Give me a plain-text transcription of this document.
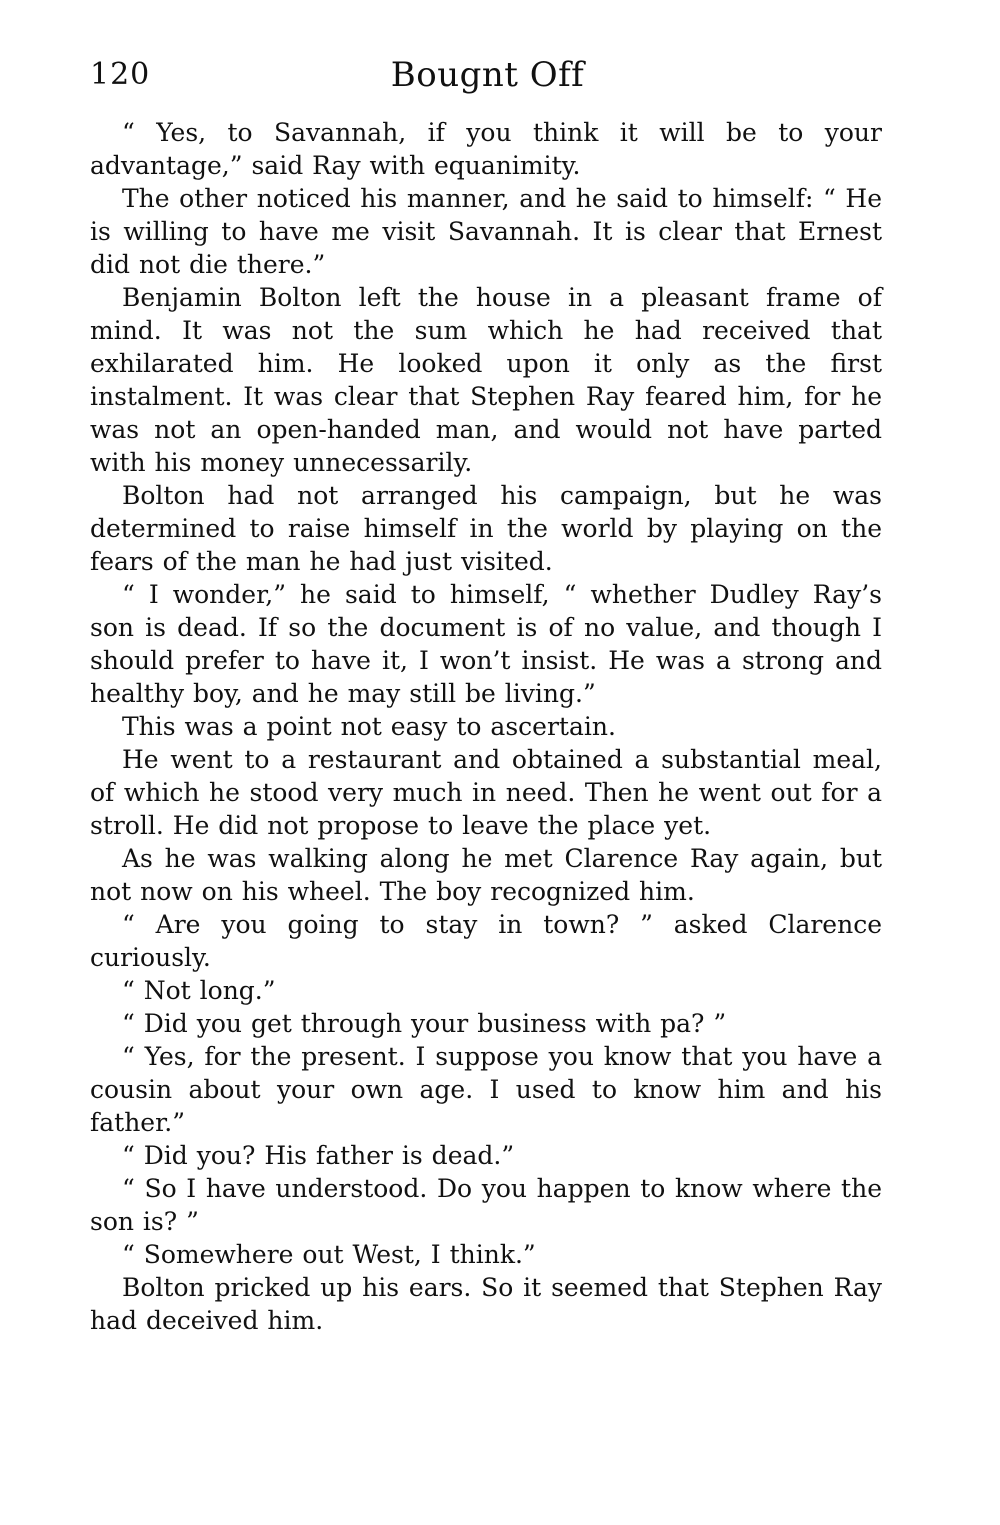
120	Bougnt Off

“ Yes, to Savannah, if you think it will be to your advantage,” said Ray with equanimity.

The other noticed his manner, and he said to himself: “ He is willing to have me visit Savannah. It is clear that Ernest did not die there.”

Benjamin Bolton left the house in a pleasant frame of mind. It was not the sum which he had received that exhilarated him. He looked upon it only as the first instalment. It was clear that Stephen Ray feared him, for he was not an open-handed man, and would not have parted with his money unnecessarily.

Bolton had not arranged his campaign, but he was determined to raise himself in the world by playing on the fears of the man he had just visited.

“ I wonder,” he said to himself, “ whether Dudley Ray’s son is dead. If so the document is of no value, and though I should prefer to have it, I won’t insist. He was a strong and healthy boy, and he may still be living.”

This was a point not easy to ascertain.

He went to a restaurant and obtained a substantial meal, of which he stood very much in need. Then he went out for a stroll. He did not propose to leave the place yet.

As he was walking along he met Clarence Ray again, but not now on his wheel. The boy recognized him.

“ Are you going to stay in town? ” asked Clarence curiously.

“ Not long.”

“ Did you get through your business with pa? ”

“ Yes, for the present. I suppose you know that you have a cousin about your own age. I used to know him and his father.”

“ Did you? His father is dead.”

“ So I have understood. Do you happen to know where the son is? ”

“ Somewhere out West, I think.”

Bolton pricked up his ears. So it seemed that Stephen Ray had deceived him.
